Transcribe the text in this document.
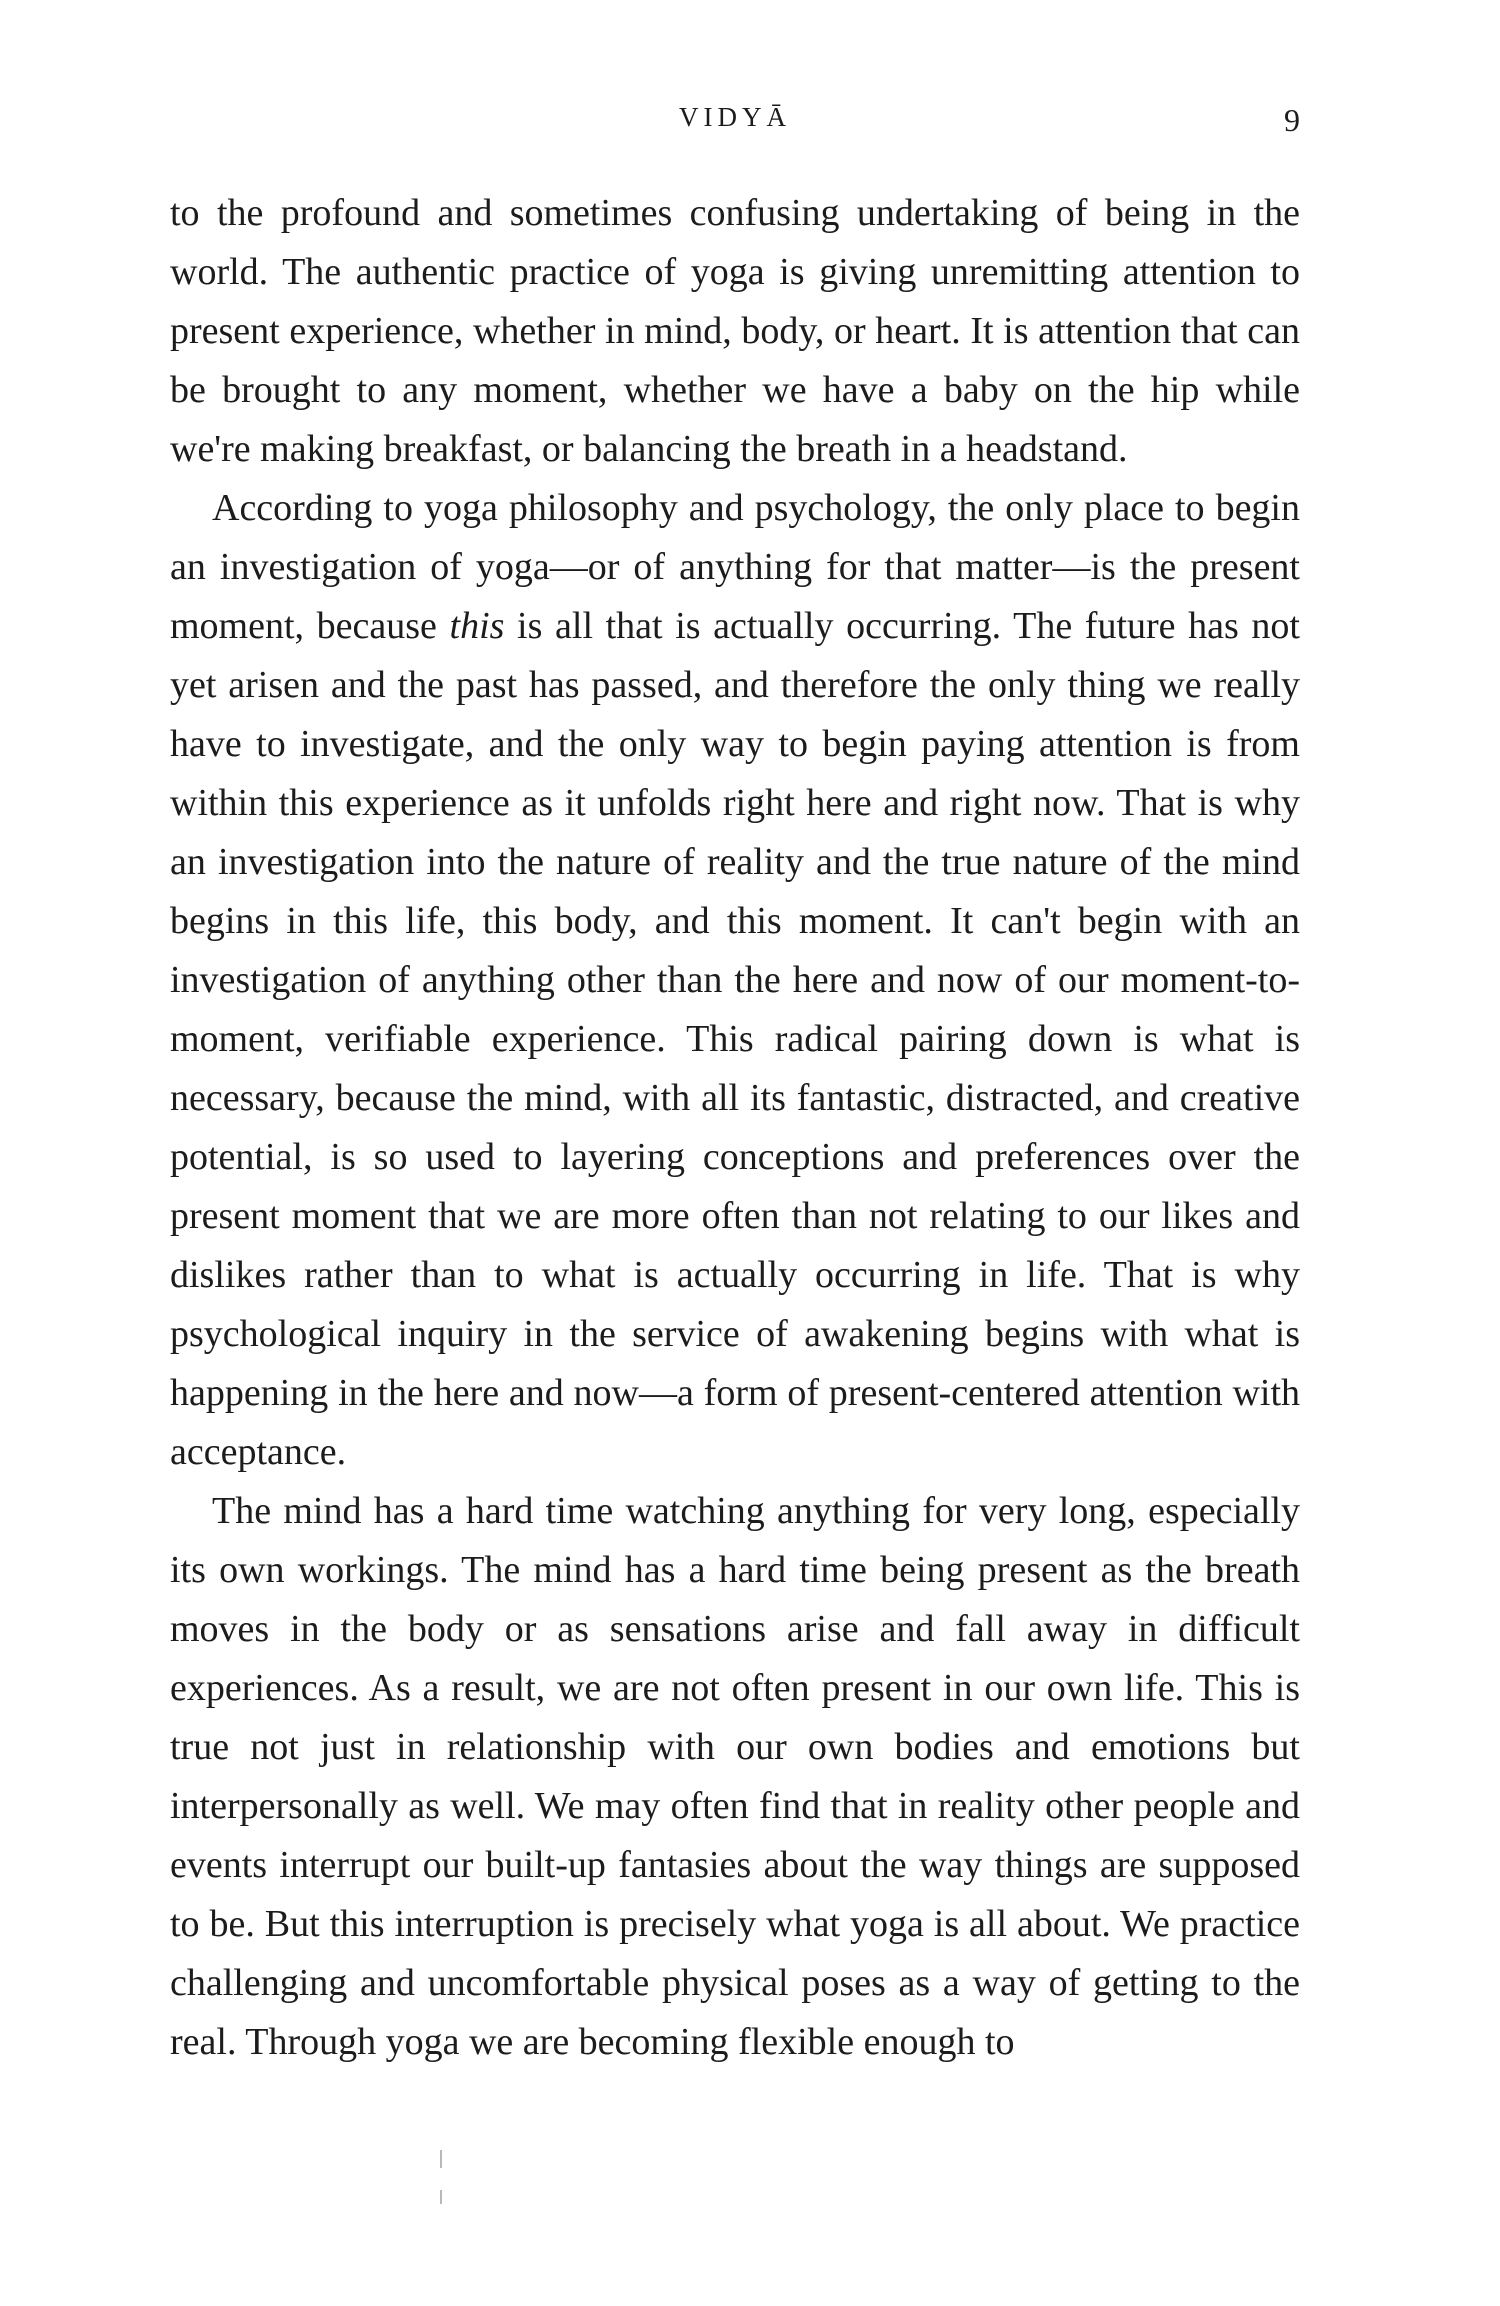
VIDYĀ	9

to the profound and sometimes confusing undertaking of being in the world. The authentic practice of yoga is giving unremitting attention to present experience, whether in mind, body, or heart. It is attention that can be brought to any moment, whether we have a baby on the hip while we're making breakfast, or balancing the breath in a headstand.

According to yoga philosophy and psychology, the only place to begin an investigation of yoga—or of anything for that matter—is the present moment, because this is all that is actually occurring. The future has not yet arisen and the past has passed, and therefore the only thing we really have to investigate, and the only way to begin paying attention is from within this experience as it unfolds right here and right now. That is why an investigation into the nature of reality and the true nature of the mind begins in this life, this body, and this moment. It can't begin with an investigation of anything other than the here and now of our moment-to-moment, verifiable experience. This radical pairing down is what is necessary, because the mind, with all its fantastic, distracted, and creative potential, is so used to layering conceptions and preferences over the present moment that we are more often than not relating to our likes and dislikes rather than to what is actually occurring in life. That is why psychological inquiry in the service of awakening begins with what is happening in the here and now—a form of present-centered attention with acceptance.

The mind has a hard time watching anything for very long, especially its own workings. The mind has a hard time being present as the breath moves in the body or as sensations arise and fall away in difficult experiences. As a result, we are not often present in our own life. This is true not just in relationship with our own bodies and emotions but interpersonally as well. We may often find that in reality other people and events interrupt our built-up fantasies about the way things are supposed to be. But this interruption is precisely what yoga is all about. We practice challenging and uncomfortable physical poses as a way of getting to the real. Through yoga we are becoming flexible enough to
